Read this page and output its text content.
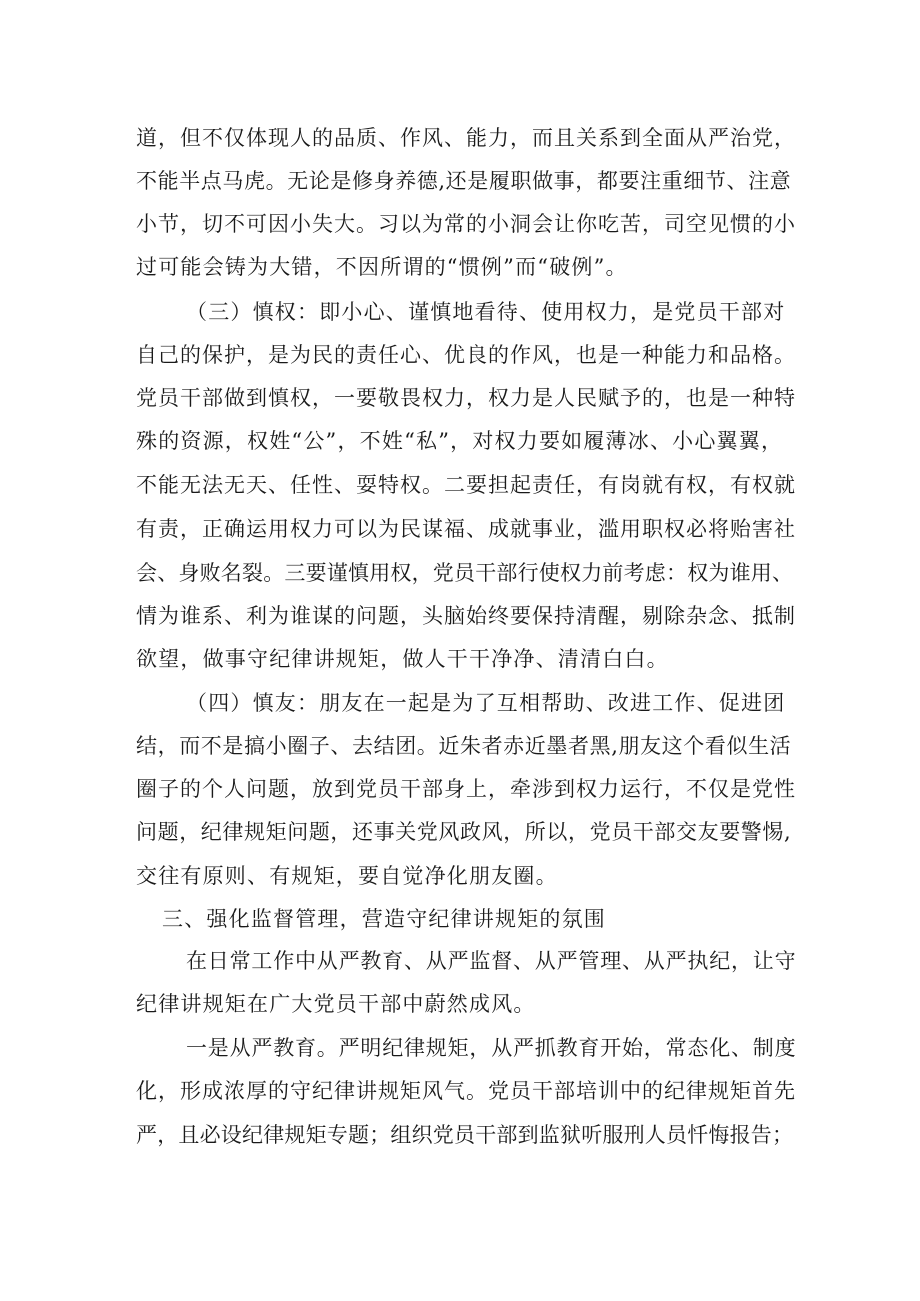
道，但不仅体现人的品质、作风、能力，而且关系到全面从严治党，
不能半点马虎。无论是修身养德,还是履职做事，都要注重细节、注意
小节，切不可因小失大。习以为常的小洞会让你吃苦，司空见惯的小
过可能会铸为大错，不因所谓的“惯例”而“破例”。
（三）慎权：即小心、谨慎地看待、使用权力，是党员干部对
自己的保护，是为民的责任心、优良的作风，也是一种能力和品格。
党员干部做到慎权，一要敬畏权力，权力是人民赋予的，也是一种特
殊的资源，权姓“公”，不姓“私”，对权力要如履薄冰、小心翼翼，
不能无法无天、任性、耍特权。二要担起责任，有岗就有权，有权就
有责，正确运用权力可以为民谋福、成就事业，滥用职权必将贻害社
会、身败名裂。三要谨慎用权，党员干部行使权力前考虑：权为谁用、
情为谁系、利为谁谋的问题，头脑始终要保持清醒，剔除杂念、抵制
欲望，做事守纪律讲规矩，做人干干净净、清清白白。
（四）慎友：朋友在一起是为了互相帮助、改进工作、促进团
结，而不是搞小圈子、去结团。近朱者赤近墨者黑,朋友这个看似生活
圈子的个人问题，放到党员干部身上，牵涉到权力运行，不仅是党性
问题，纪律规矩问题，还事关党风政风，所以，党员干部交友要警惕,
交往有原则、有规矩，要自觉净化朋友圈。
三、强化监督管理，营造守纪律讲规矩的氛围
在日常工作中从严教育、从严监督、从严管理、从严执纪，让守
纪律讲规矩在广大党员干部中蔚然成风。
一是从严教育。严明纪律规矩，从严抓教育开始，常态化、制度
化，形成浓厚的守纪律讲规矩风气。党员干部培训中的纪律规矩首先
严，且必设纪律规矩专题；组织党员干部到监狱听服刑人员忏悔报告；
